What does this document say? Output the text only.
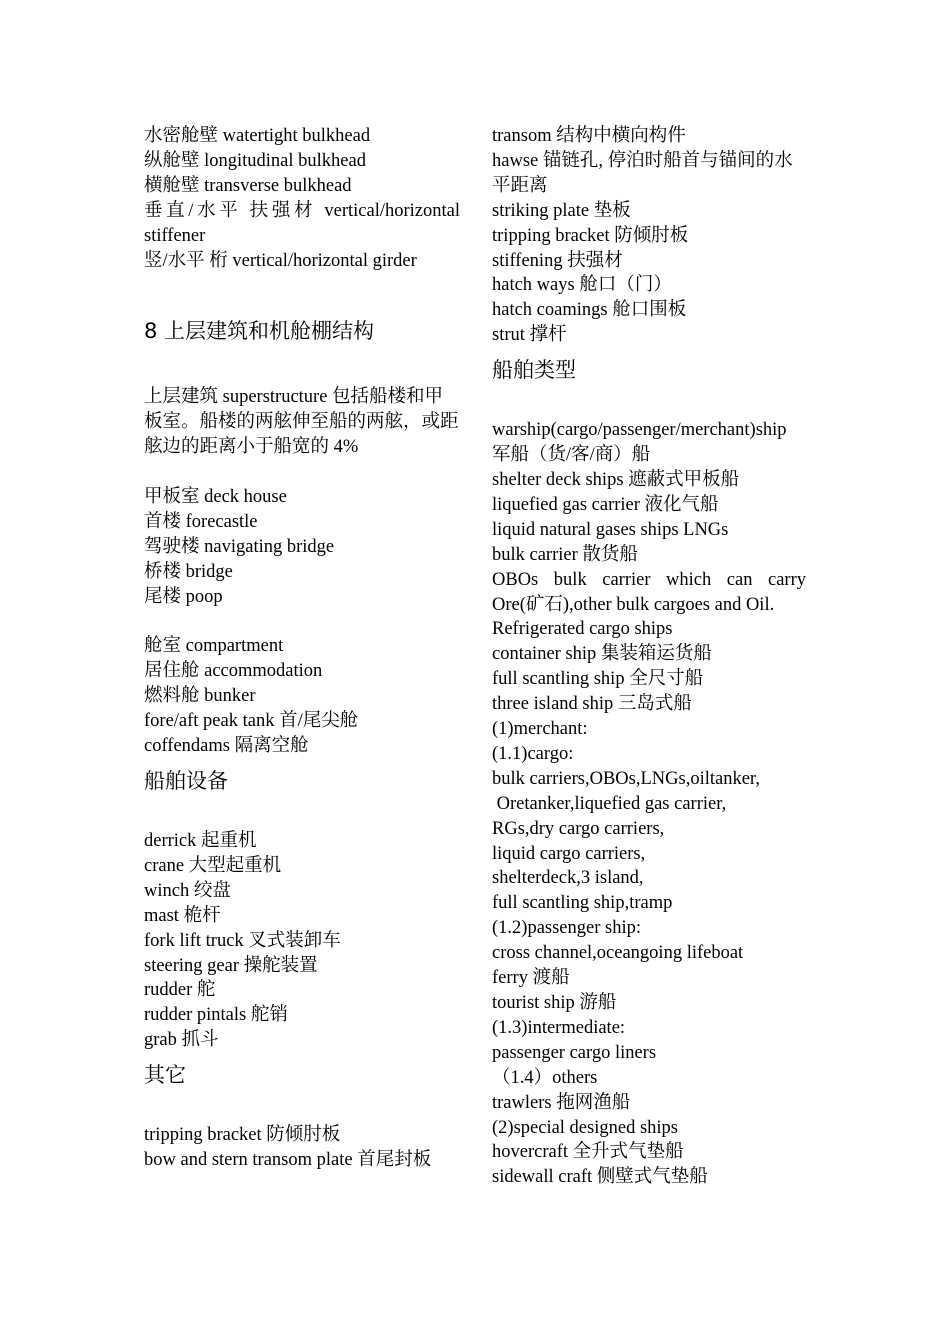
水密舱壁 watertight bulkhead
纵舱壁 longitudinal bulkhead
横舱壁 transverse bulkhead
垂直/水平 扶强材 vertical/horizontal
stiffener
竖/水平 桁 vertical/horizontal girder
8 上层建筑和机舱棚结构
上层建筑 superstructure 包括船楼和甲板室。船楼的两舷伸至船的两舷，或距舷边的距离小于船宽的 4%
甲板室 deck house
首楼 forecastle
驾驶楼 navigating bridge
桥楼 bridge
尾楼 poop
舱室 compartment
居住舱 accommodation
燃料舱 bunker
fore/aft peak tank 首/尾尖舱
coffendams 隔离空舱
船舶设备
derrick 起重机
crane 大型起重机
winch 绞盘
mast 桅杆
fork lift truck 叉式装卸车
steering gear 操舵装置
rudder 舵
rudder pintals 舵销
grab 抓斗
其它
tripping bracket 防倾肘板
bow and stern transom plate 首尾封板
transom 结构中横向构件
hawse 锚链孔, 停泊时船首与锚间的水
平距离
striking plate 垫板
tripping bracket 防倾肘板
stiffening 扶强材
hatch ways 舱口（门）
hatch coamings 舱口围板
strut 撑杆
船舶类型
warship(cargo/passenger/merchant)ship
军船（货/客/商）船
shelter deck ships 遮蔽式甲板船
liquefied gas carrier 液化气船
liquid natural gases ships LNGs
bulk carrier 散货船
OBOs bulk carrier which can carry
Ore(矿石),other bulk cargoes and Oil.
Refrigerated cargo ships
container ship 集装箱运货船
full scantling ship 全尺寸船
three island ship 三岛式船
(1)merchant:
(1.1)cargo:
bulk carriers,OBOs,LNGs,oiltanker,
Oretanker,liquefied gas carrier,
RGs,dry cargo carriers,
liquid cargo carriers,
shelterdeck,3 island,
full scantling ship,tramp
(1.2)passenger ship:
cross channel,oceangoing lifeboat
ferry 渡船
tourist ship 游船
(1.3)intermediate:
passenger cargo liners
（1.4）others
trawlers 拖网渔船
(2)special designed ships
hovercraft 全升式气垫船
sidewall craft 侧壁式气垫船
